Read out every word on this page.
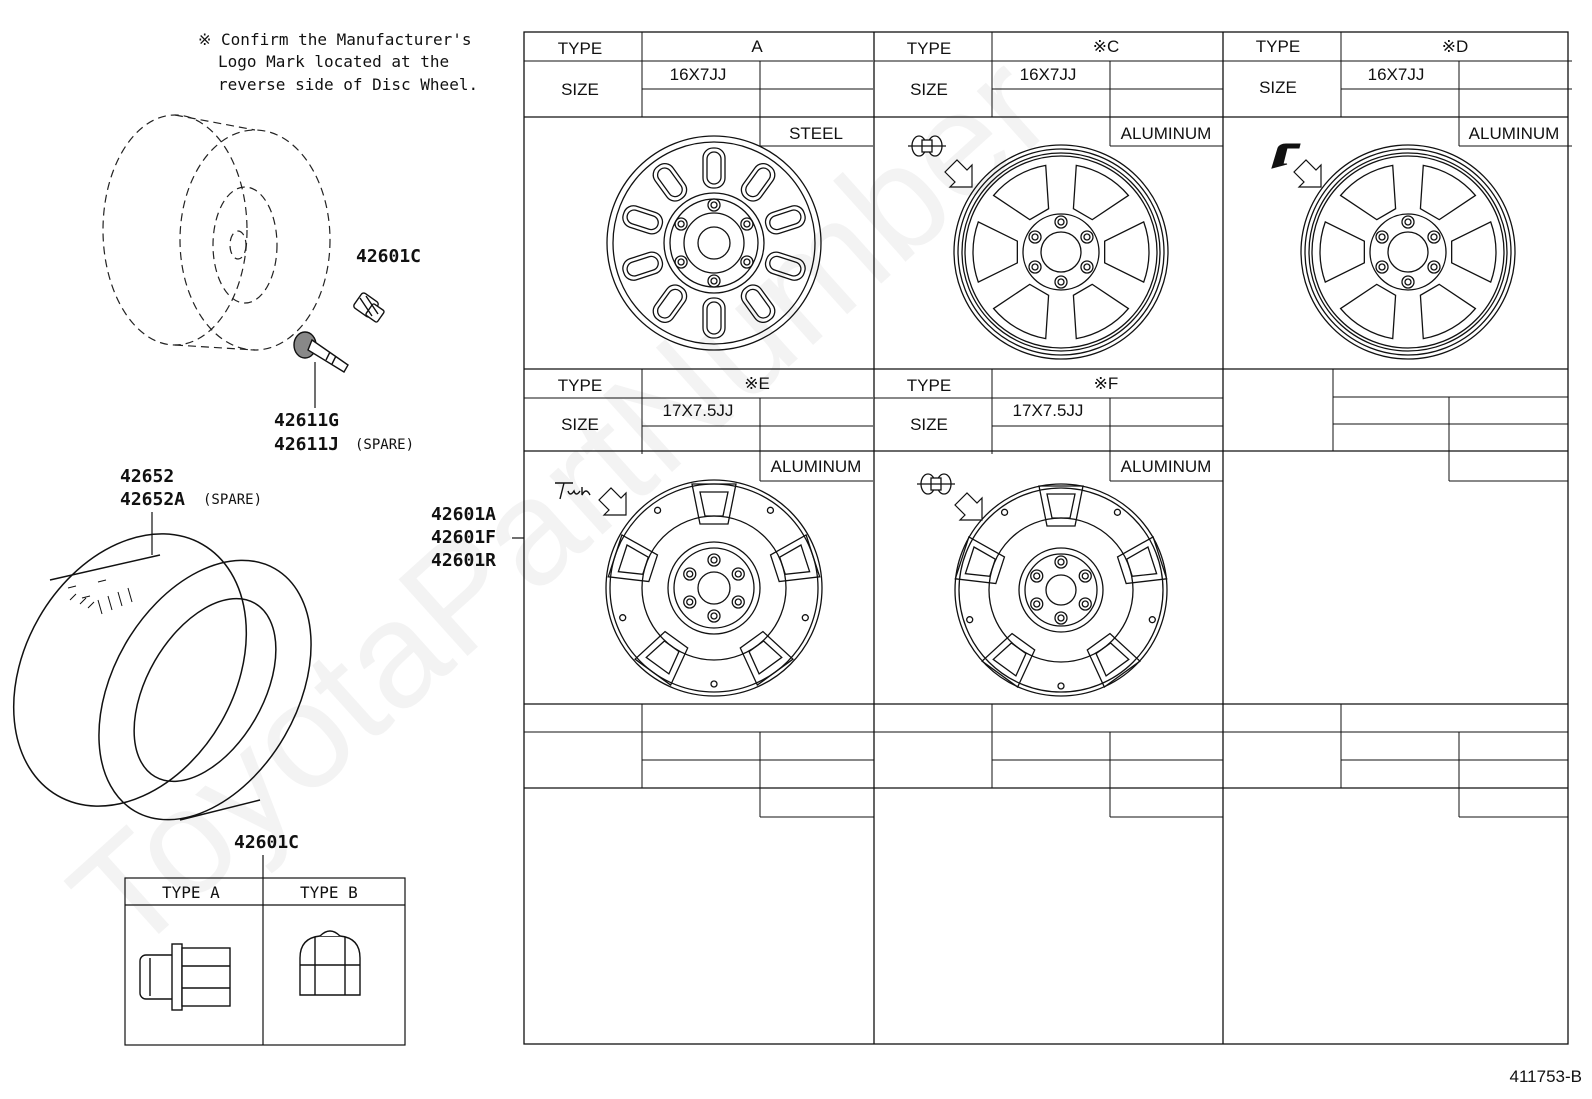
※ Confirm the Manufacturer's
Logo Mark located at the
reverse side of Disc Wheel.
42601C
42611G
42611J (SPARE)
42652
42652A (SPARE)
42601C
TYPE A	TYPE B
42601A
42601F
42601R
TYPE
SIZE
A
16X7JJ
STEEL
TYPE
SIZE
※C
16X7JJ
ALUMINUM
TYPE
SIZE
※D
16X7JJ
ALUMINUM
TYPE
SIZE
※E
17X7.5JJ
ALUMINUM
TYPE
SIZE
※F
17X7.5JJ
ALUMINUM
411753-B
